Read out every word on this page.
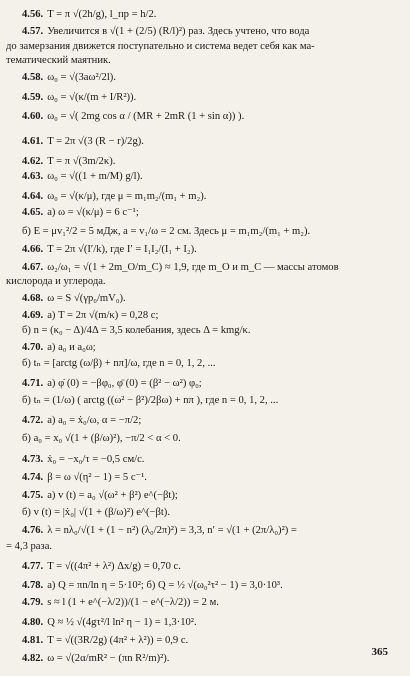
4.56. T = π √(2h/g), l_пр = h/2.
4.57. Увеличится в √(1 + (2/5) (R/l)²) раз. Здесь учтено, что вода
до замерзания движется поступательно и система ведет себя как ма-
тематический маятник.
4.58. ω₀ = √(3aω²/2l).
4.59. ω₀ = √(κ/(m + I/R²)).
4.60. ω₀ = √( 2mg cos α / (MR + 2mR (1 + sin α)) ).
4.61. T = 2π √(3 (R − r)/2g).
4.62. T = π √(3m/2κ).
4.63. ω₀ = √((1 + m/M) g/l).
4.64. ω₀ = √(κ/μ), где μ = m₁m₂/(m₁ + m₂).
4.65. а) ω = √(κ/μ) = 6 с⁻¹;
б) E = μv₁²/2 = 5 мДж, a = v₁/ω = 2 см. Здесь μ = m₁m₂/(m₁ + m₂).
4.66. T = 2π √(I′/k), где I′ = I₁I₂/(I₁ + I₂).
4.67. ω₂/ω₁ = √(1 + 2m_O/m_C) ≈ 1,9, где m_O и m_C — массы атомов
кислорода и углерода.
4.68. ω = S √(γp₀/mV₀).
4.69. а) T = 2π √(m/κ) = 0,28 с;
б) n = (κ₀ − Δ)/4Δ = 3,5 колебания, здесь Δ = kmg/κ.
4.70. а) a₀ и a₀ω;
б) tₙ = [arctg (ω/β) + nπ]/ω, где n = 0, 1, 2, ...
4.71. а) φ̇ (0) = −βφ₀, φ̈ (0) = (β² − ω²) φ₀;
б) tₙ = (1/ω) ( arctg ((ω² − β²)/2βω) + nπ ), где n = 0, 1, 2, ...
4.72. а) a₀ = ẋ₀/ω, α = −π/2;
б) a₀ = x₀ √(1 + (β/ω)²), −π/2 < α < 0.
4.73. ẋ₀ = −x₀/τ = −0,5 см/с.
4.74. β = ω √(η² − 1) = 5 с⁻¹.
4.75. а) v (t) = a₀ √(ω² + β²) e^(−βt);
б) v (t) = |ẋ₀| √(1 + (β/ω)²) e^(−βt).
4.76. λ = nλ₀/√(1 + (1 − n²) (λ₀/2π)²) = 3,3, n′ = √(1 + (2π/λ₀)²) =
= 4,3 раза.
4.77. T = √((4π² + λ²) Δx/g) = 0,70 с.
4.78. а) Q = πn/ln η = 5·10²; б) Q = ½ √(ω₀²τ² − 1) = 3,0·10³.
4.79. s ≈ l (1 + e^(−λ/2))/(1 − e^(−λ/2)) = 2 м.
4.80. Q ≈ ½ √(4gτ²/l ln² η − 1) = 1,3·10².
4.81. T = √((3R/2g) (4π² + λ²)) = 0,9 с.
4.82. ω = √(2α/mR² − (πn R²/m)²).
365
